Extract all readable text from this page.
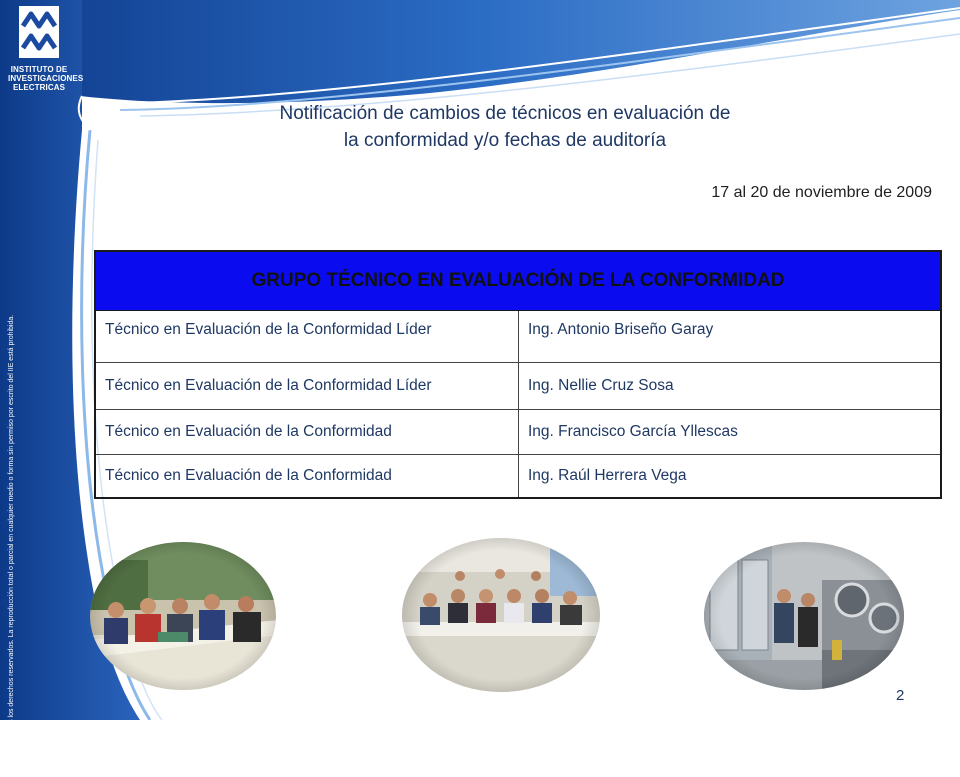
INSTITUTO DE
INVESTIGACIONES
ELECTRICAS
© 2009, IIE. Todos los derechos reservados. La reproducción total o parcial en cualquier medio o forma sin permiso por escrito del IIE está prohibida.
Notificación de cambios de técnicos en evaluación de
la conformidad y/o fechas de auditoría
17 al 20 de noviembre de 2009
GRUPO TÉCNICO EN EVALUACIÓN DE LA CONFORMIDAD	
Técnico en Evaluación de la Conformidad Líder	Ing. Antonio Briseño Garay
Técnico en Evaluación de la Conformidad Líder	Ing. Nellie Cruz Sosa
Técnico en Evaluación de la Conformidad	Ing. Francisco García Yllescas
Técnico en Evaluación de la Conformidad	Ing. Raúl Herrera Vega
2
